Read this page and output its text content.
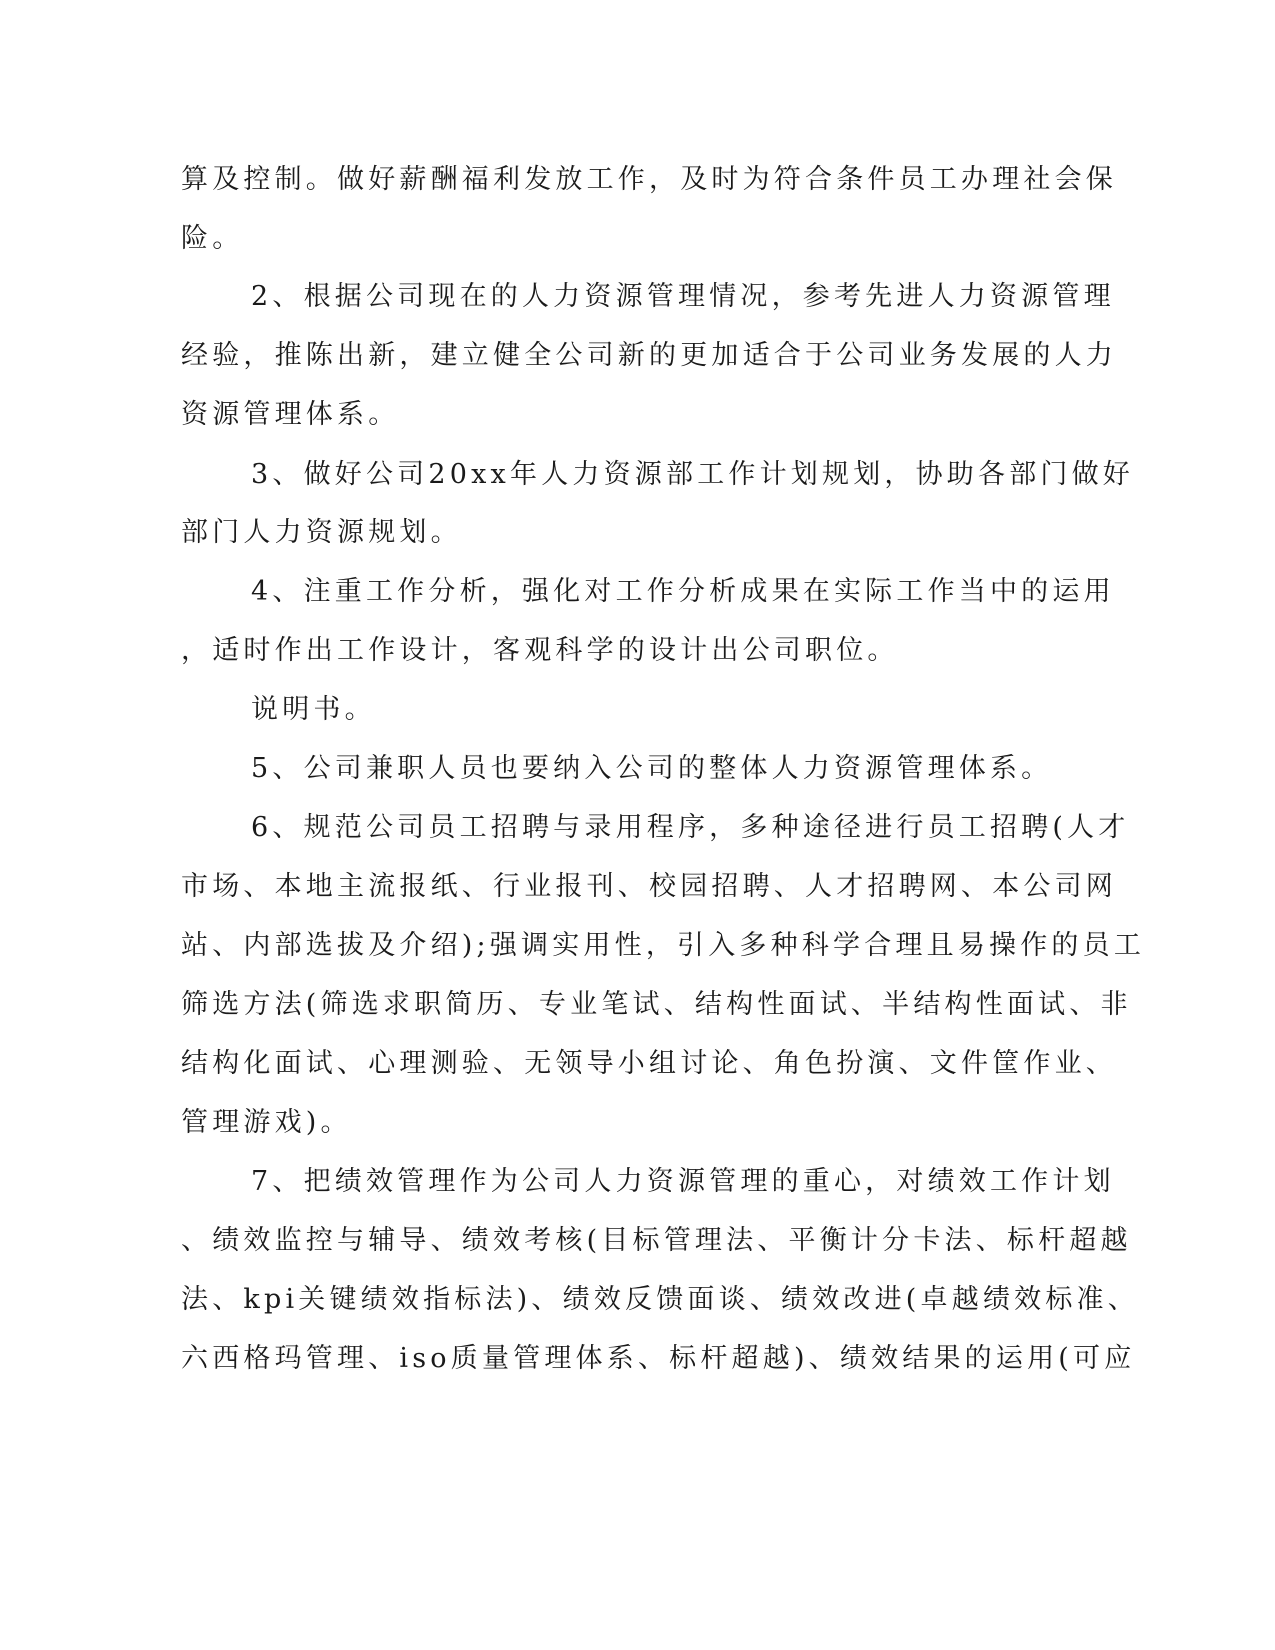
算及控制。做好薪酬福利发放工作，及时为符合条件员工办理社会保
险。
2、根据公司现在的人力资源管理情况，参考先进人力资源管理
经验，推陈出新，建立健全公司新的更加适合于公司业务发展的人力
资源管理体系。
3、做好公司20xx年人力资源部工作计划规划，协助各部门做好
部门人力资源规划。
4、注重工作分析，强化对工作分析成果在实际工作当中的运用
，适时作出工作设计，客观科学的设计出公司职位。
说明书。
5、公司兼职人员也要纳入公司的整体人力资源管理体系。
6、规范公司员工招聘与录用程序，多种途径进行员工招聘(人才
市场、本地主流报纸、行业报刊、校园招聘、人才招聘网、本公司网
站、内部选拔及介绍);强调实用性，引入多种科学合理且易操作的员工
筛选方法(筛选求职简历、专业笔试、结构性面试、半结构性面试、非
结构化面试、心理测验、无领导小组讨论、角色扮演、文件筐作业、
管理游戏)。
7、把绩效管理作为公司人力资源管理的重心，对绩效工作计划
、绩效监控与辅导、绩效考核(目标管理法、平衡计分卡法、标杆超越
法、kpi关键绩效指标法)、绩效反馈面谈、绩效改进(卓越绩效标准、
六西格玛管理、iso质量管理体系、标杆超越)、绩效结果的运用(可应
